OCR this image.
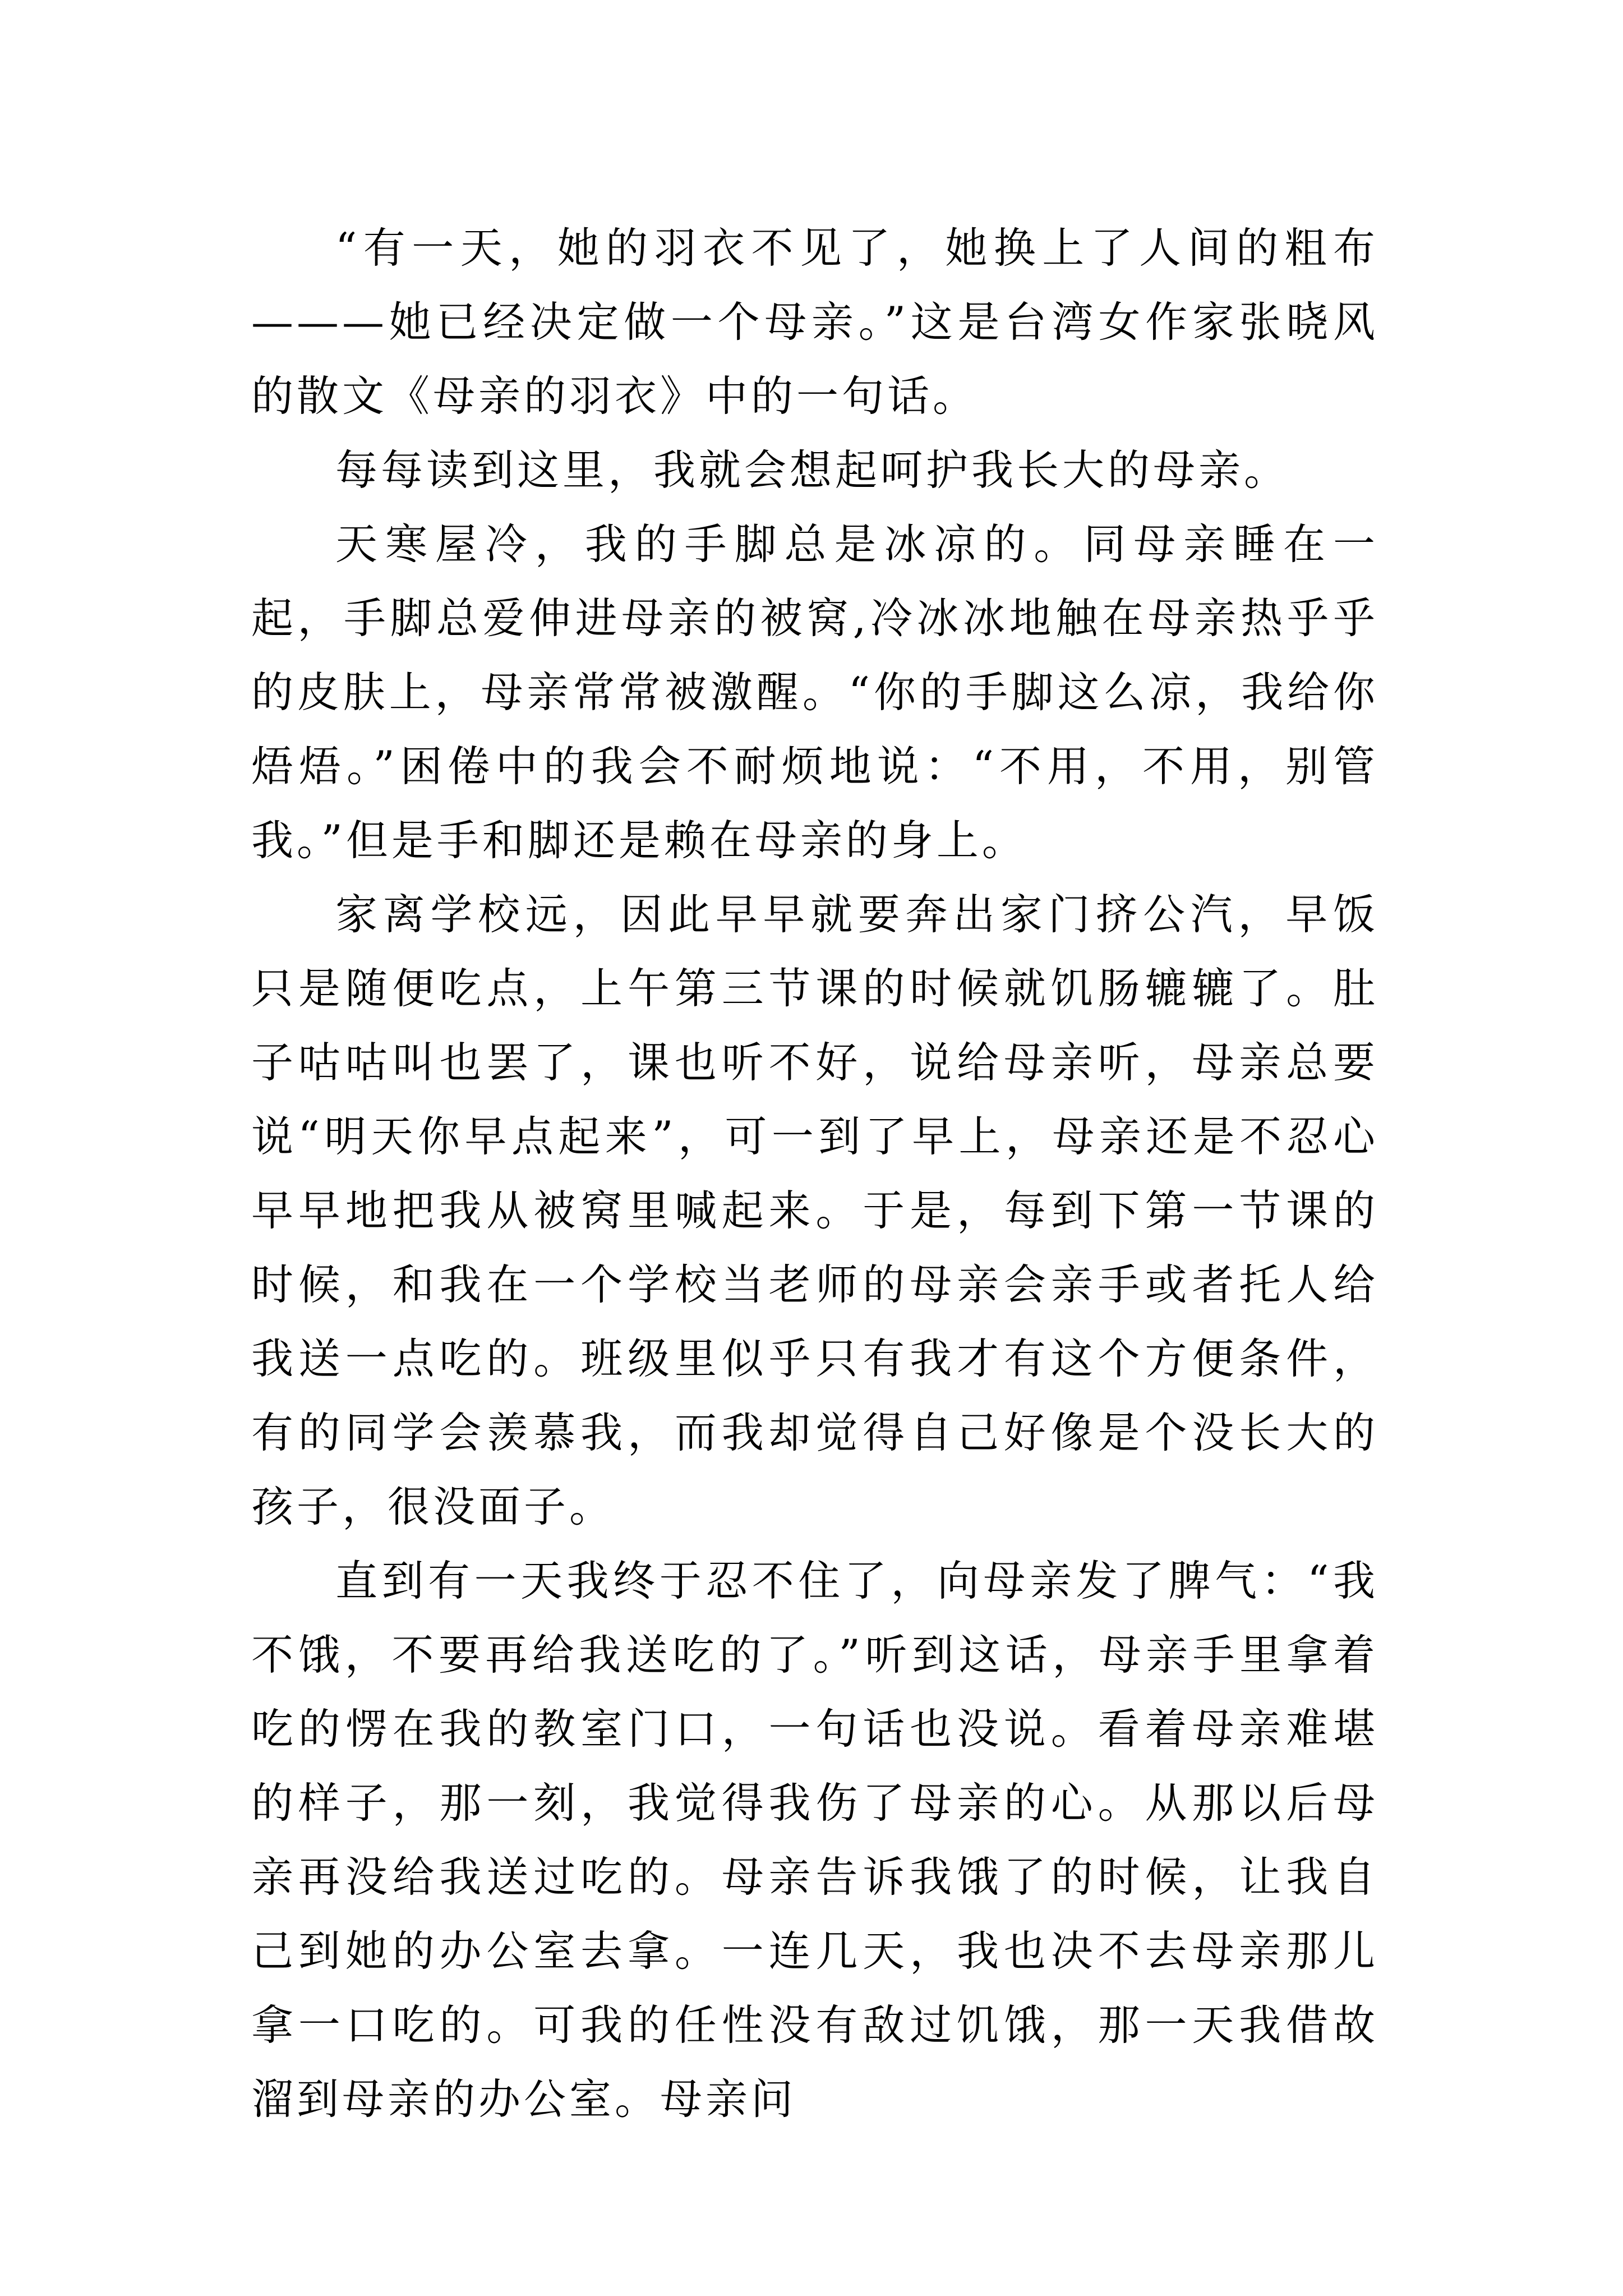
“有一天，她的羽衣不见了，她换上了人间的粗布———她已经决定做一个母亲。”这是台湾女作家张晓风的散文《母亲的羽衣》中的一句话。

每每读到这里，我就会想起呵护我长大的母亲。

天寒屋冷，我的手脚总是冰凉的。同母亲睡在一起，手脚总爱伸进母亲的被窝,冷冰冰地触在母亲热乎乎的皮肤上，母亲常常被激醒。“你的手脚这么凉，我给你焐焐。”困倦中的我会不耐烦地说：“不用，不用，别管我。”但是手和脚还是赖在母亲的身上。

家离学校远，因此早早就要奔出家门挤公汽，早饭只是随便吃点，上午第三节课的时候就饥肠辘辘了。肚子咕咕叫也罢了，课也听不好，说给母亲听，母亲总要说“明天你早点起来”，可一到了早上，母亲还是不忍心早早地把我从被窝里喊起来。于是，每到下第一节课的时候，和我在一个学校当老师的母亲会亲手或者托人给我送一点吃的。班级里似乎只有我才有这个方便条件，有的同学会羡慕我，而我却觉得自己好像是个没长大的孩子，很没面子。

直到有一天我终于忍不住了，向母亲发了脾气：“我不饿，不要再给我送吃的了。”听到这话，母亲手里拿着吃的愣在我的教室门口，一句话也没说。看着母亲难堪的样子，那一刻，我觉得我伤了母亲的心。从那以后母亲再没给我送过吃的。母亲告诉我饿了的时候，让我自己到她的办公室去拿。一连几天，我也决不去母亲那儿拿一口吃的。可我的任性没有敌过饥饿，那一天我借故溜到母亲的办公室。母亲问
